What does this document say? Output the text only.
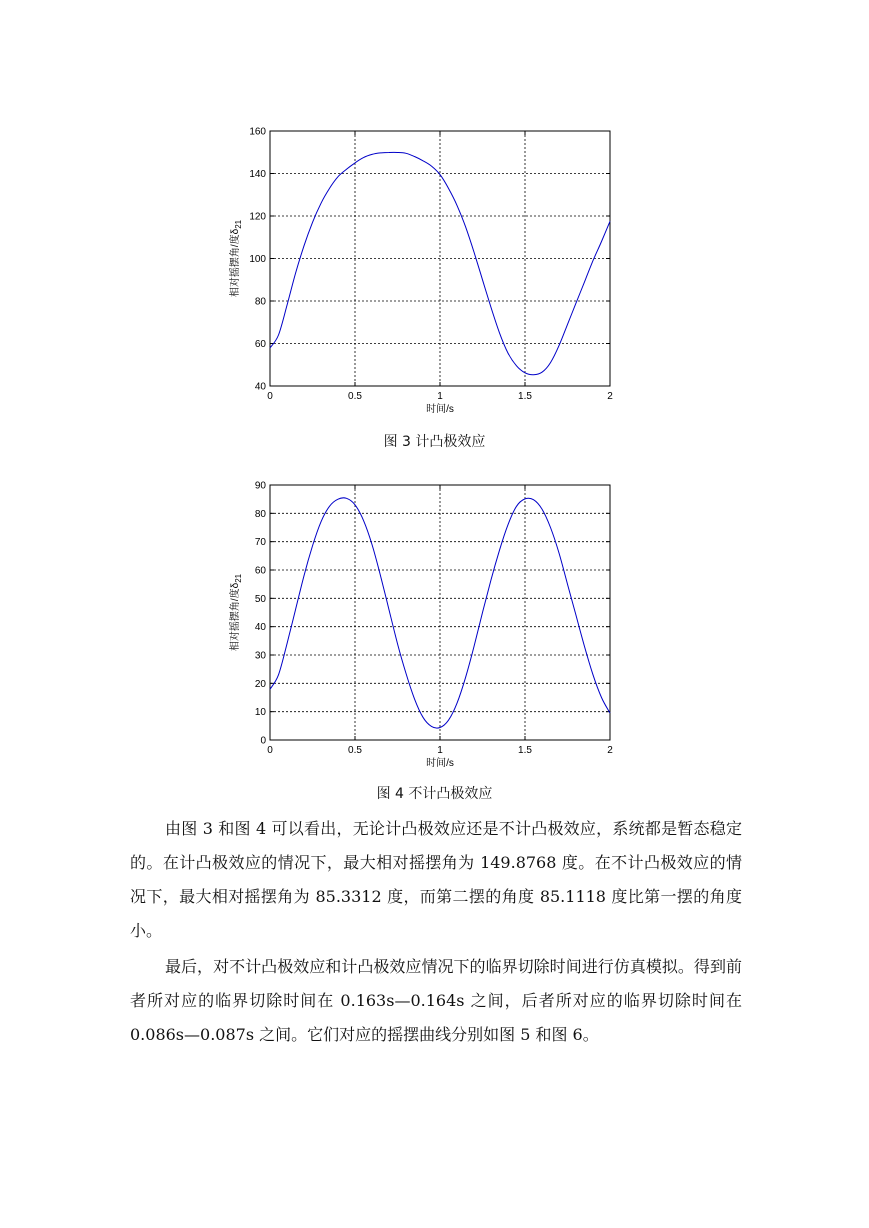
0	0.5	1	1.5	2
40
60
80
100
120
140
160
时间/s
相对摇摆角/度$\delta_{21}$
图 3 计凸极效应
0	0.5	1	1.5	2
0
10
20
30
40
50
60
70
80
90
时间/s
相对摇摆角/度$\delta_{21}$
图 4 不计凸极效应

由图 3 和图 4 可以看出，无论计凸极效应还是不计凸极效应，系统都是暂态稳定的。在计凸极效应的情况下，最大相对摇摆角为 149.8768 度。在不计凸极效应的情况下，最大相对摇摆角为 85.3312 度，而第二摆的角度 85.1118 度比第一摆的角度小。

最后，对不计凸极效应和计凸极效应情况下的临界切除时间进行仿真模拟。得到前者所对应的临界切除时间在 0.163s—0.164s 之间，后者所对应的临界切除时间在 0.086s—0.087s 之间。它们对应的摇摆曲线分别如图 5 和图 6。
